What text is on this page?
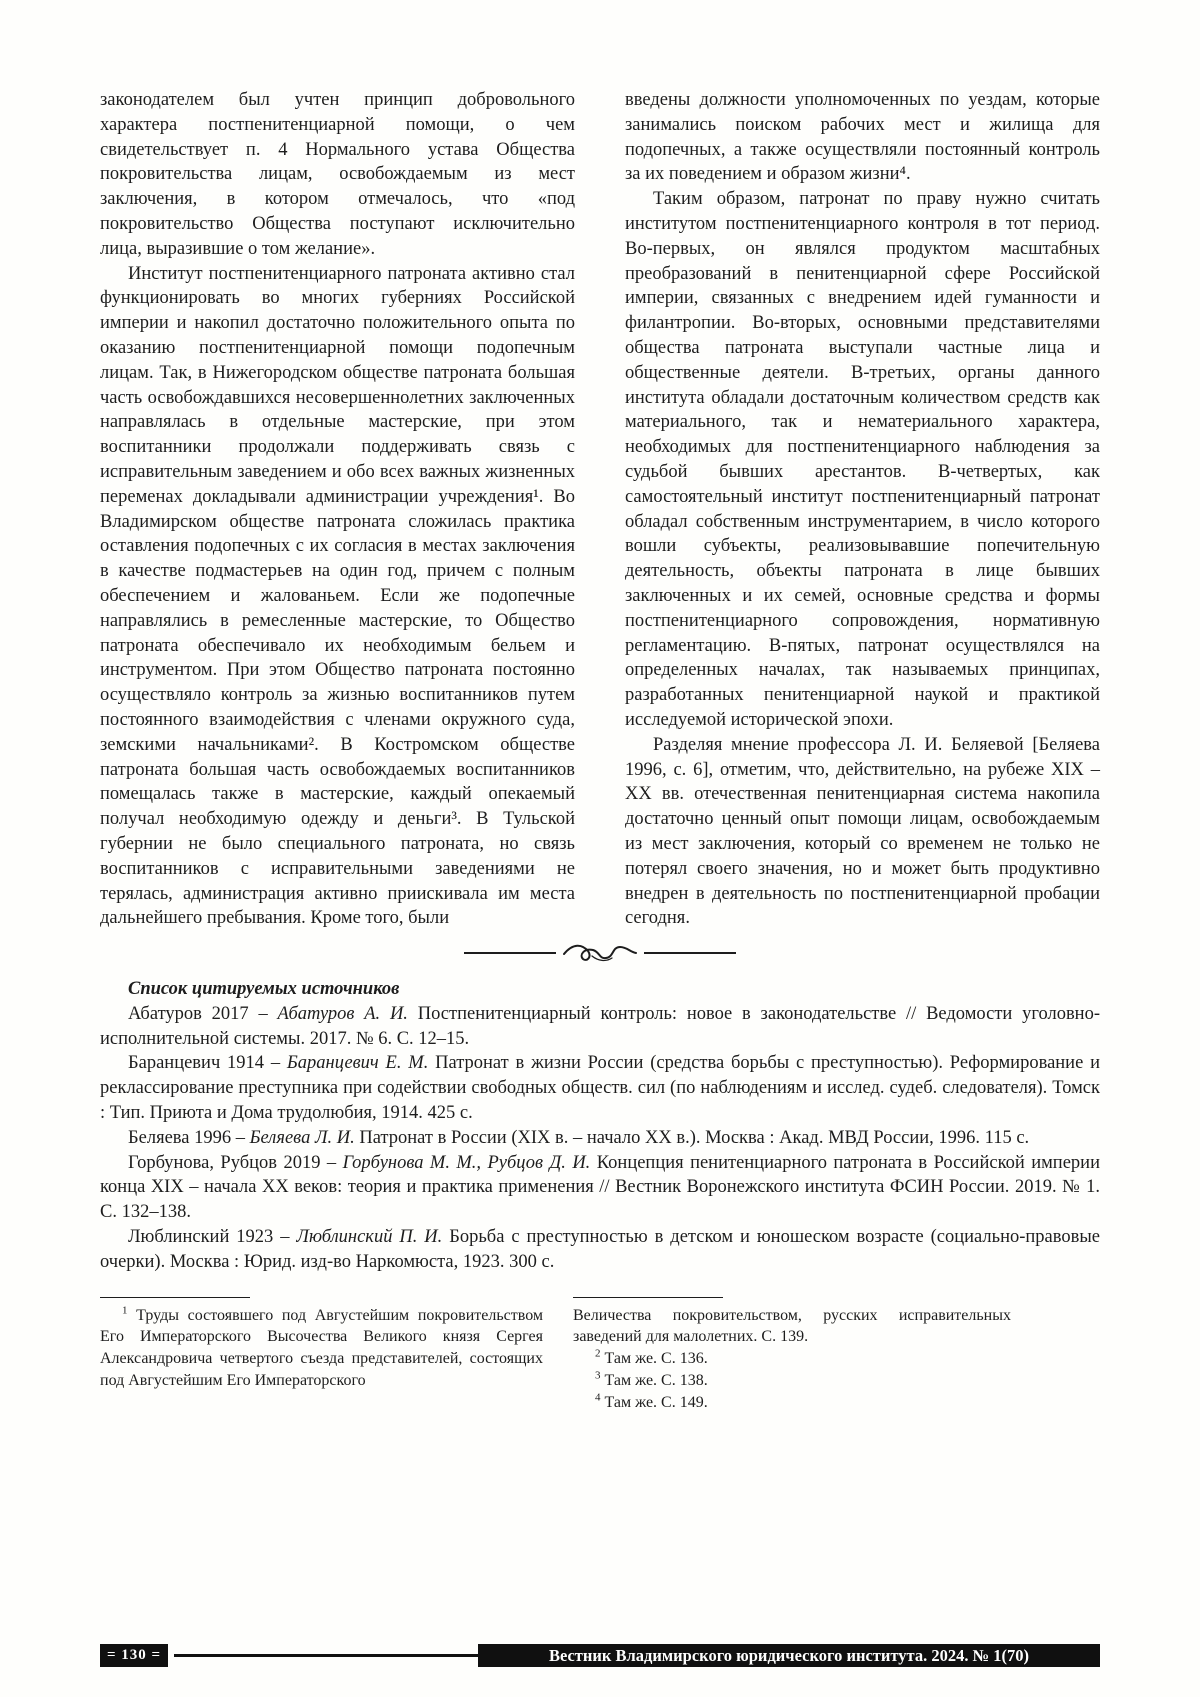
законодателем был учтен принцип добровольного характера постпенитенциарной помощи, о чем свидетельствует п. 4 Нормального устава Общества покровительства лицам, освобождаемым из мест заключения, в котором отмечалось, что «под покровительство Общества поступают исключительно лица, выразившие о том желание».

Институт постпенитенциарного патроната активно стал функционировать во многих губерниях Российской империи и накопил достаточно положительного опыта по оказанию постпенитенциарной помощи подопечным лицам. Так, в Нижегородском обществе патроната большая часть освобождавшихся несовершеннолетних заключенных направлялась в отдельные мастерские, при этом воспитанники продолжали поддерживать связь с исправительным заведением и обо всех важных жизненных переменах докладывали администрации учреждения¹. Во Владимирском обществе патроната сложилась практика оставления подопечных с их согласия в местах заключения в качестве подмастерьев на один год, причем с полным обеспечением и жалованьем. Если же подопечные направлялись в ремесленные мастерские, то Общество патроната обеспечивало их необходимым бельем и инструментом. При этом Общество патроната постоянно осуществляло контроль за жизнью воспитанников путем постоянного взаимодействия с членами окружного суда, земскими начальниками². В Костромском обществе патроната большая часть освобождаемых воспитанников помещалась также в мастерские, каждый опекаемый получал необходимую одежду и деньги³. В Тульской губернии не было специального патроната, но связь воспитанников с исправительными заведениями не терялась, администрация активно приискивала им места дальнейшего пребывания. Кроме того, были

введены должности уполномоченных по уездам, которые занимались поиском рабочих мест и жилища для подопечных, а также осуществляли постоянный контроль за их поведением и образом жизни⁴.

Таким образом, патронат по праву нужно считать институтом постпенитенциарного контроля в тот период. Во-первых, он являлся продуктом масштабных преобразований в пенитенциарной сфере Российской империи, связанных с внедрением идей гуманности и филантропии. Во-вторых, основными представителями общества патроната выступали частные лица и общественные деятели. В-третьих, органы данного института обладали достаточным количеством средств как материального, так и нематериального характера, необходимых для постпенитенциарного наблюдения за судьбой бывших арестантов. В-четвертых, как самостоятельный институт постпенитенциарный патронат обладал собственным инструментарием, в число которого вошли субъекты, реализовывавшие попечительную деятельность, объекты патроната в лице бывших заключенных и их семей, основные средства и формы постпенитенциарного сопровождения, нормативную регламентацию. В-пятых, патронат осуществлялся на определенных началах, так называемых принципах, разработанных пенитенциарной наукой и практикой исследуемой исторической эпохи.

Разделяя мнение профессора Л. И. Беляевой [Беляева 1996, с. 6], отметим, что, действительно, на рубеже XIX – XX вв. отечественная пенитенциарная система накопила достаточно ценный опыт помощи лицам, освобождаемым из мест заключения, который со временем не только не потерял своего значения, но и может быть продуктивно внедрен в деятельность по постпенитенциарной пробации сегодня.

Список цитируемых источников

Абатуров 2017 – Абатуров А. И. Постпенитенциарный контроль: новое в законодательстве // Ведомости уголовно-исполнительной системы. 2017. № 6. С. 12–15.

Баранцевич 1914 – Баранцевич Е. М. Патронат в жизни России (средства борьбы с преступностью). Реформирование и реклассирование преступника при содействии свободных обществ. сил (по наблюдениям и исслед. судеб. следователя). Томск : Тип. Приюта и Дома трудолюбия, 1914. 425 с.

Беляева 1996 – Беляева Л. И. Патронат в России (XIX в. – начало XX в.). Москва : Акад. МВД России, 1996. 115 с.

Горбунова, Рубцов 2019 – Горбунова М. М., Рубцов Д. И. Концепция пенитенциарного патроната в Российской империи конца XIX – начала XX веков: теория и практика применения // Вестник Воронежского института ФСИН России. 2019. № 1. С. 132–138.

Люблинский 1923 – Люблинский П. И. Борьба с преступностью в детском и юношеском возрасте (социально-правовые очерки). Москва : Юрид. изд-во Наркомюста, 1923. 300 с.

$^1$ Труды состоявшего под Августейшим покровительством Его Императорского Высочества Великого князя Сергея Александровича четвертого съезда представителей, состоящих под Августейшим Его Императорского

Величества покровительством, русских исправительных заведений для малолетних. С. 139.

$^2$ Там же. С. 136.

$^3$ Там же. С. 138.

$^4$ Там же. С. 149.

= 130 =	Вестник Владимирского юридического института. 2024. № 1(70)
